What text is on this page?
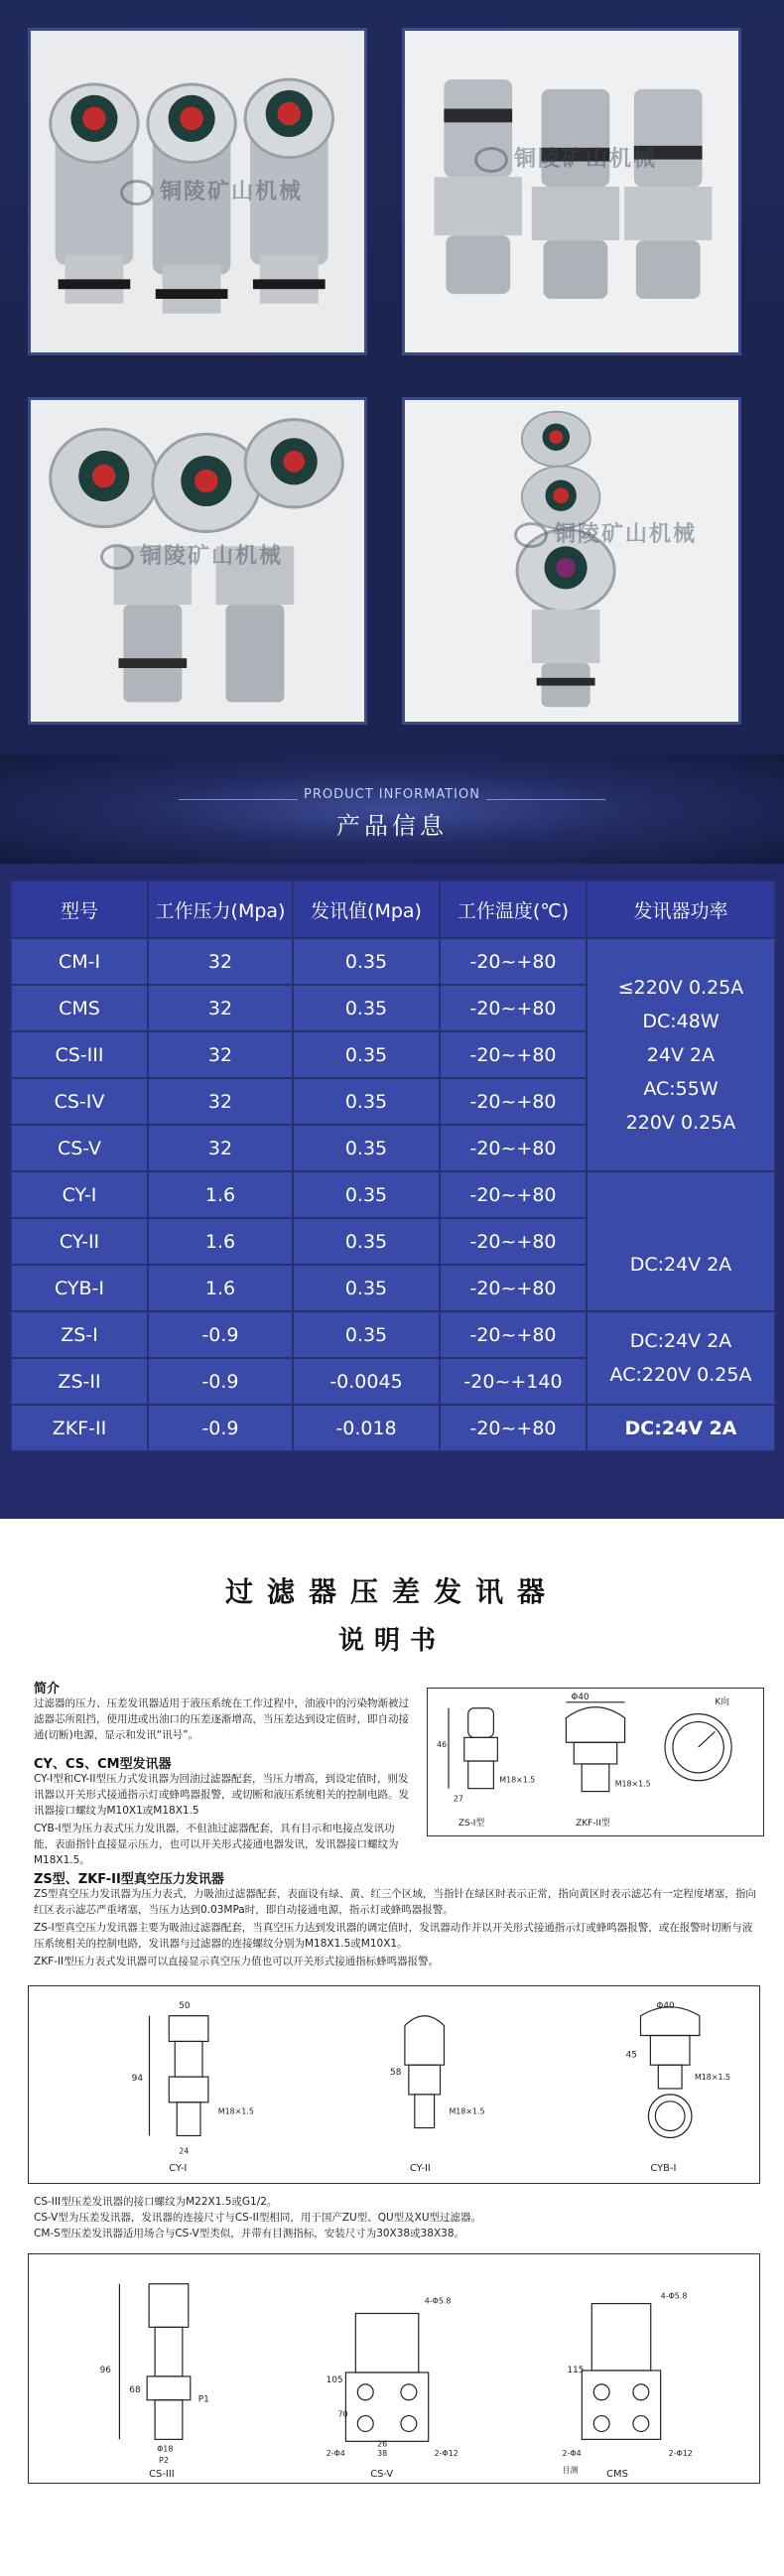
铜陵矿山机械
铜陵矿山机械
铜陵矿山机械
铜陵矿山机械
PRODUCT INFORMATION
产品信息
型号	工作压力(Mpa)	发讯值(Mpa)	工作温度(℃)	发讯器功率
CM-I	32	0.35	-20~+80	≤220V 0.25A
DC:48W
24V 2A
AC:55W
220V 0.25A

CMS	32	0.35	-20~+80	
CS-III	32	0.35	-20~+80	
CS-IV	32	0.35	-20~+80	
CS-V	32	0.35	-20~+80	
CY-I	1.6	0.35	-20~+80	DC:24V 2A

CY-II	1.6	0.35	-20~+80	
CYB-I	1.6	0.35	-20~+80	
ZS-I	-0.9	0.35	-20~+80	DC:24V 2A
AC:220V 0.25A

ZS-II	-0.9	-0.0045	-20~+140	
ZKF-II	-0.9	-0.018	-20~+80	DC:24V 2A
过滤器压差发讯器
说明书
简介
过滤器的压力、压差发讯器适用于液压系统在工作过程中，油液中的污染物渐被过滤器芯所阻挡，使用进或出油口的压差逐渐增高，当压差达到设定值时，即自动接通(切断)电源，显示和发讯“讯号”。
CY、CS、CM型发讯器
CY-I型和CY-II型压力式发讯器为回油过滤器配套，当压力增高，到设定值时，则发讯器以开关形式接通指示灯或蜂鸣器报警，或切断和液压系统相关的控制电路。发讯器接口螺纹为M10X1或M18X1.5
CYB-I型为压力表式压力发讯器，不但油过滤器配套，具有目示和电接点发讯功能，表面指针直接显示压力，也可以开关形式接通电器发讯，发讯器接口螺纹为M18X1.5。
ZS型、ZKF-II型真空压力发讯器
ZS型真空压力发讯器为压力表式，力吸油过滤器配套，表面设有绿、黄、红三个区域，当指针在绿区时表示正常，指向黄区时表示滤芯有一定程度堵塞，指向红区表示滤芯严重堵塞，当压力达到0.03MPa时，即自动接通电源，指示灯或蜂鸣器报警。
ZS-I型真空压力发讯器主要为吸油过滤器配套，当真空压力达到发讯器的调定值时，发讯器动作并以开关形式接通指示灯或蜂鸣器报警，或在报警时切断与液压系统相关的控制电路，发讯器与过滤器的连接螺纹分别为M18X1.5或M10X1。
ZKF-II型压力表式发讯器可以直接显示真空压力值也可以开关形式接通指标蜂鸣器报警。
Φ40	K向
46
M18×1.5	M18×1.5
27
ZS-I型	ZKF-II型
50
94
M18×1.5
24
58
M18×1.5
Φ40
45
M18×1.5
CY-I	CY-II	CYB-I
CS-III型压差发讯器的接口螺纹为M22X1.5或G1/2。
CS-V型为压差发讯器，发讯器的连接尺寸与CS-II型相同，用于国产ZU型、QU型及XU型过滤器。
CM-S型压差发讯器适用场合与CS-V型类似，并带有目测指标，安装尺寸为30X38或38X38。
96
68
P1
Φ18
P2
105
70
4-Φ5.8
2-Φ4	38
26
2-Φ12
115
4-Φ5.8
2-Φ4	2-Φ12
目测
CS-III	CS-V	CMS
